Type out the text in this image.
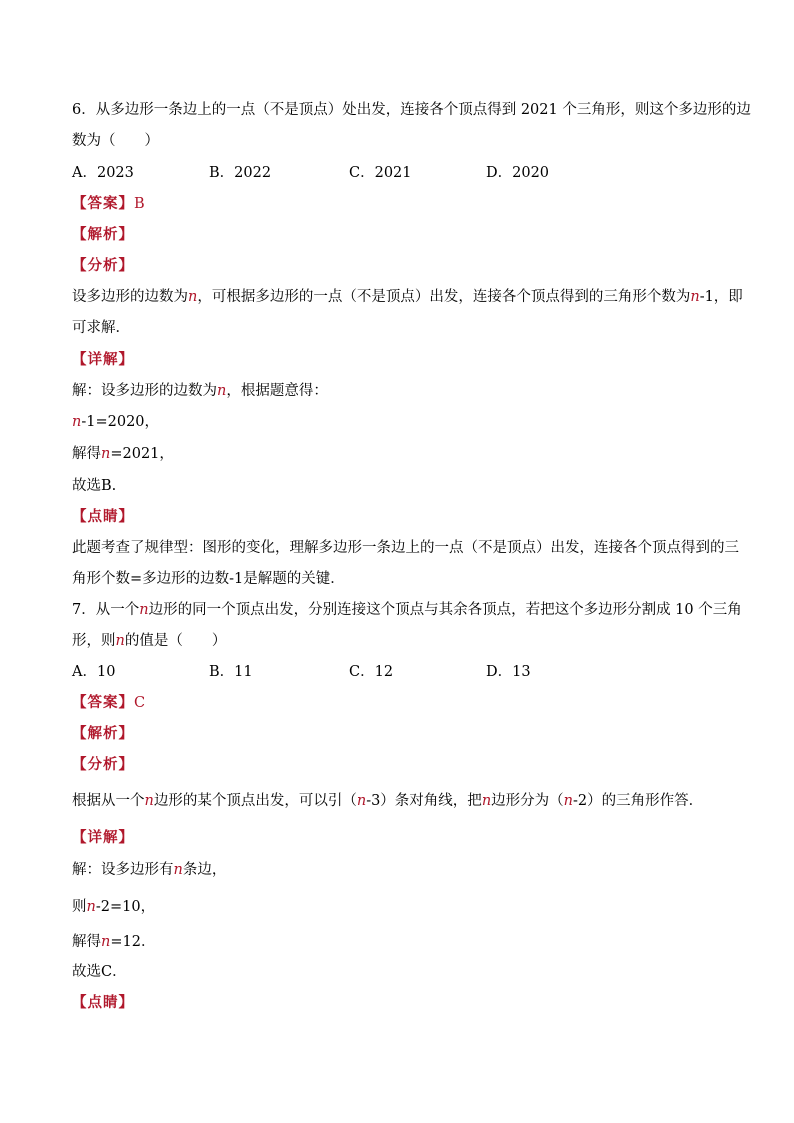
6．从多边形一条边上的一点（不是顶点）处出发，连接各个顶点得到 2021 个三角形，则这个多边形的边
数为（　　）
A．2023	B．2022	C．2021	D．2020
【答案】B
【解析】
【分析】
设多边形的边数为n，可根据多边形的一点（不是顶点）出发，连接各个顶点得到的三角形个数为n-1，即
可求解．
【详解】
解：设多边形的边数为n，根据题意得：
n-1=2020，
解得n=2021，
故选B.
【点睛】
此题考查了规律型：图形的变化，理解多边形一条边上的一点（不是顶点）出发，连接各个顶点得到的三
角形个数=多边形的边数-1是解题的关键．
7．从一个n边形的同一个顶点出发，分别连接这个顶点与其余各顶点，若把这个多边形分割成 10 个三角
形，则n的值是（　　）
A．10	B．11	C．12	D．13
【答案】C
【解析】
【分析】
根据从一个n边形的某个顶点出发，可以引（n-3）条对角线，把n边形分为（n-2）的三角形作答．
【详解】
解：设多边形有n条边，
则n-2=10，
解得n=12．
故选C．
【点睛】
